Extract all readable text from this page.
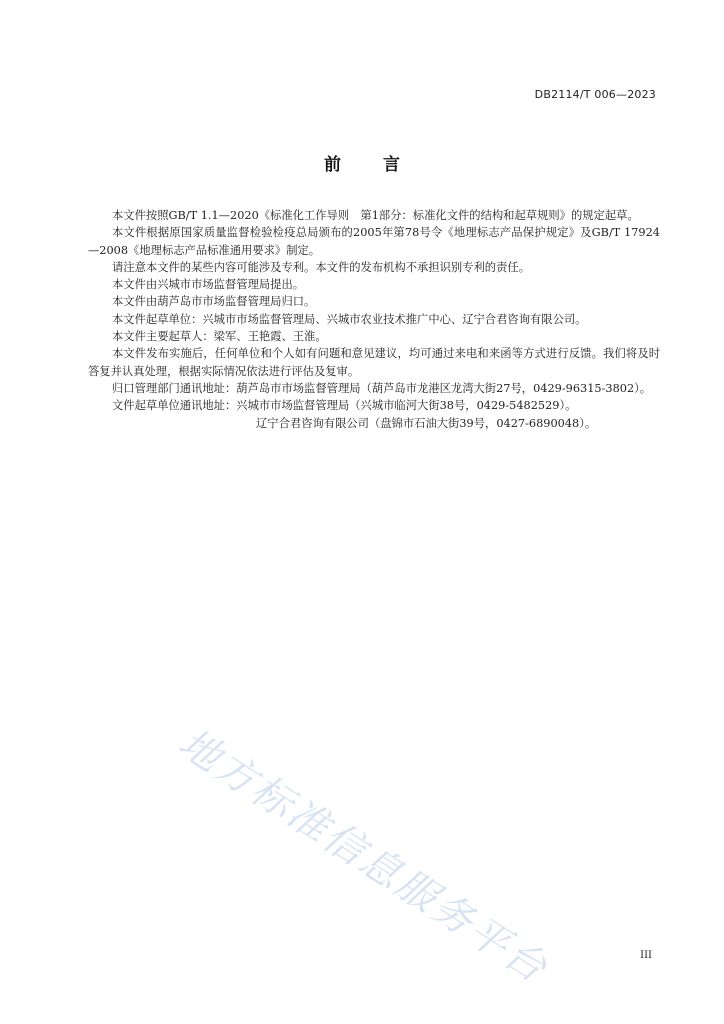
DB2114/T 006—2023
前言

本文件按照GB/T 1.1—2020《标准化工作导则　第1部分：标准化文件的结构和起草规则》的规定起草。

本文件根据原国家质量监督检验检疫总局颁布的2005年第78号令《地理标志产品保护规定》及GB/T 17924—2008《地理标志产品标准通用要求》制定。

请注意本文件的某些内容可能涉及专利。本文件的发布机构不承担识别专利的责任。

本文件由兴城市市场监督管理局提出。

本文件由葫芦岛市市场监督管理局归口。

本文件起草单位：兴城市市场监督管理局、兴城市农业技术推广中心、辽宁合君咨询有限公司。

本文件主要起草人：梁军、王艳霞、王淮。

本文件发布实施后，任何单位和个人如有问题和意见建议，均可通过来电和来函等方式进行反馈。我们将及时答复并认真处理，根据实际情况依法进行评估及复审。

归口管理部门通讯地址：葫芦岛市市场监督管理局（葫芦岛市龙港区龙湾大街27号，0429-96315-3802）。

文件起草单位通讯地址：兴城市市场监督管理局（兴城市临河大街38号，0429-5482529）。

辽宁合君咨询有限公司（盘锦市石油大街39号，0427-6890048）。

地方标准信息服务平台	III
